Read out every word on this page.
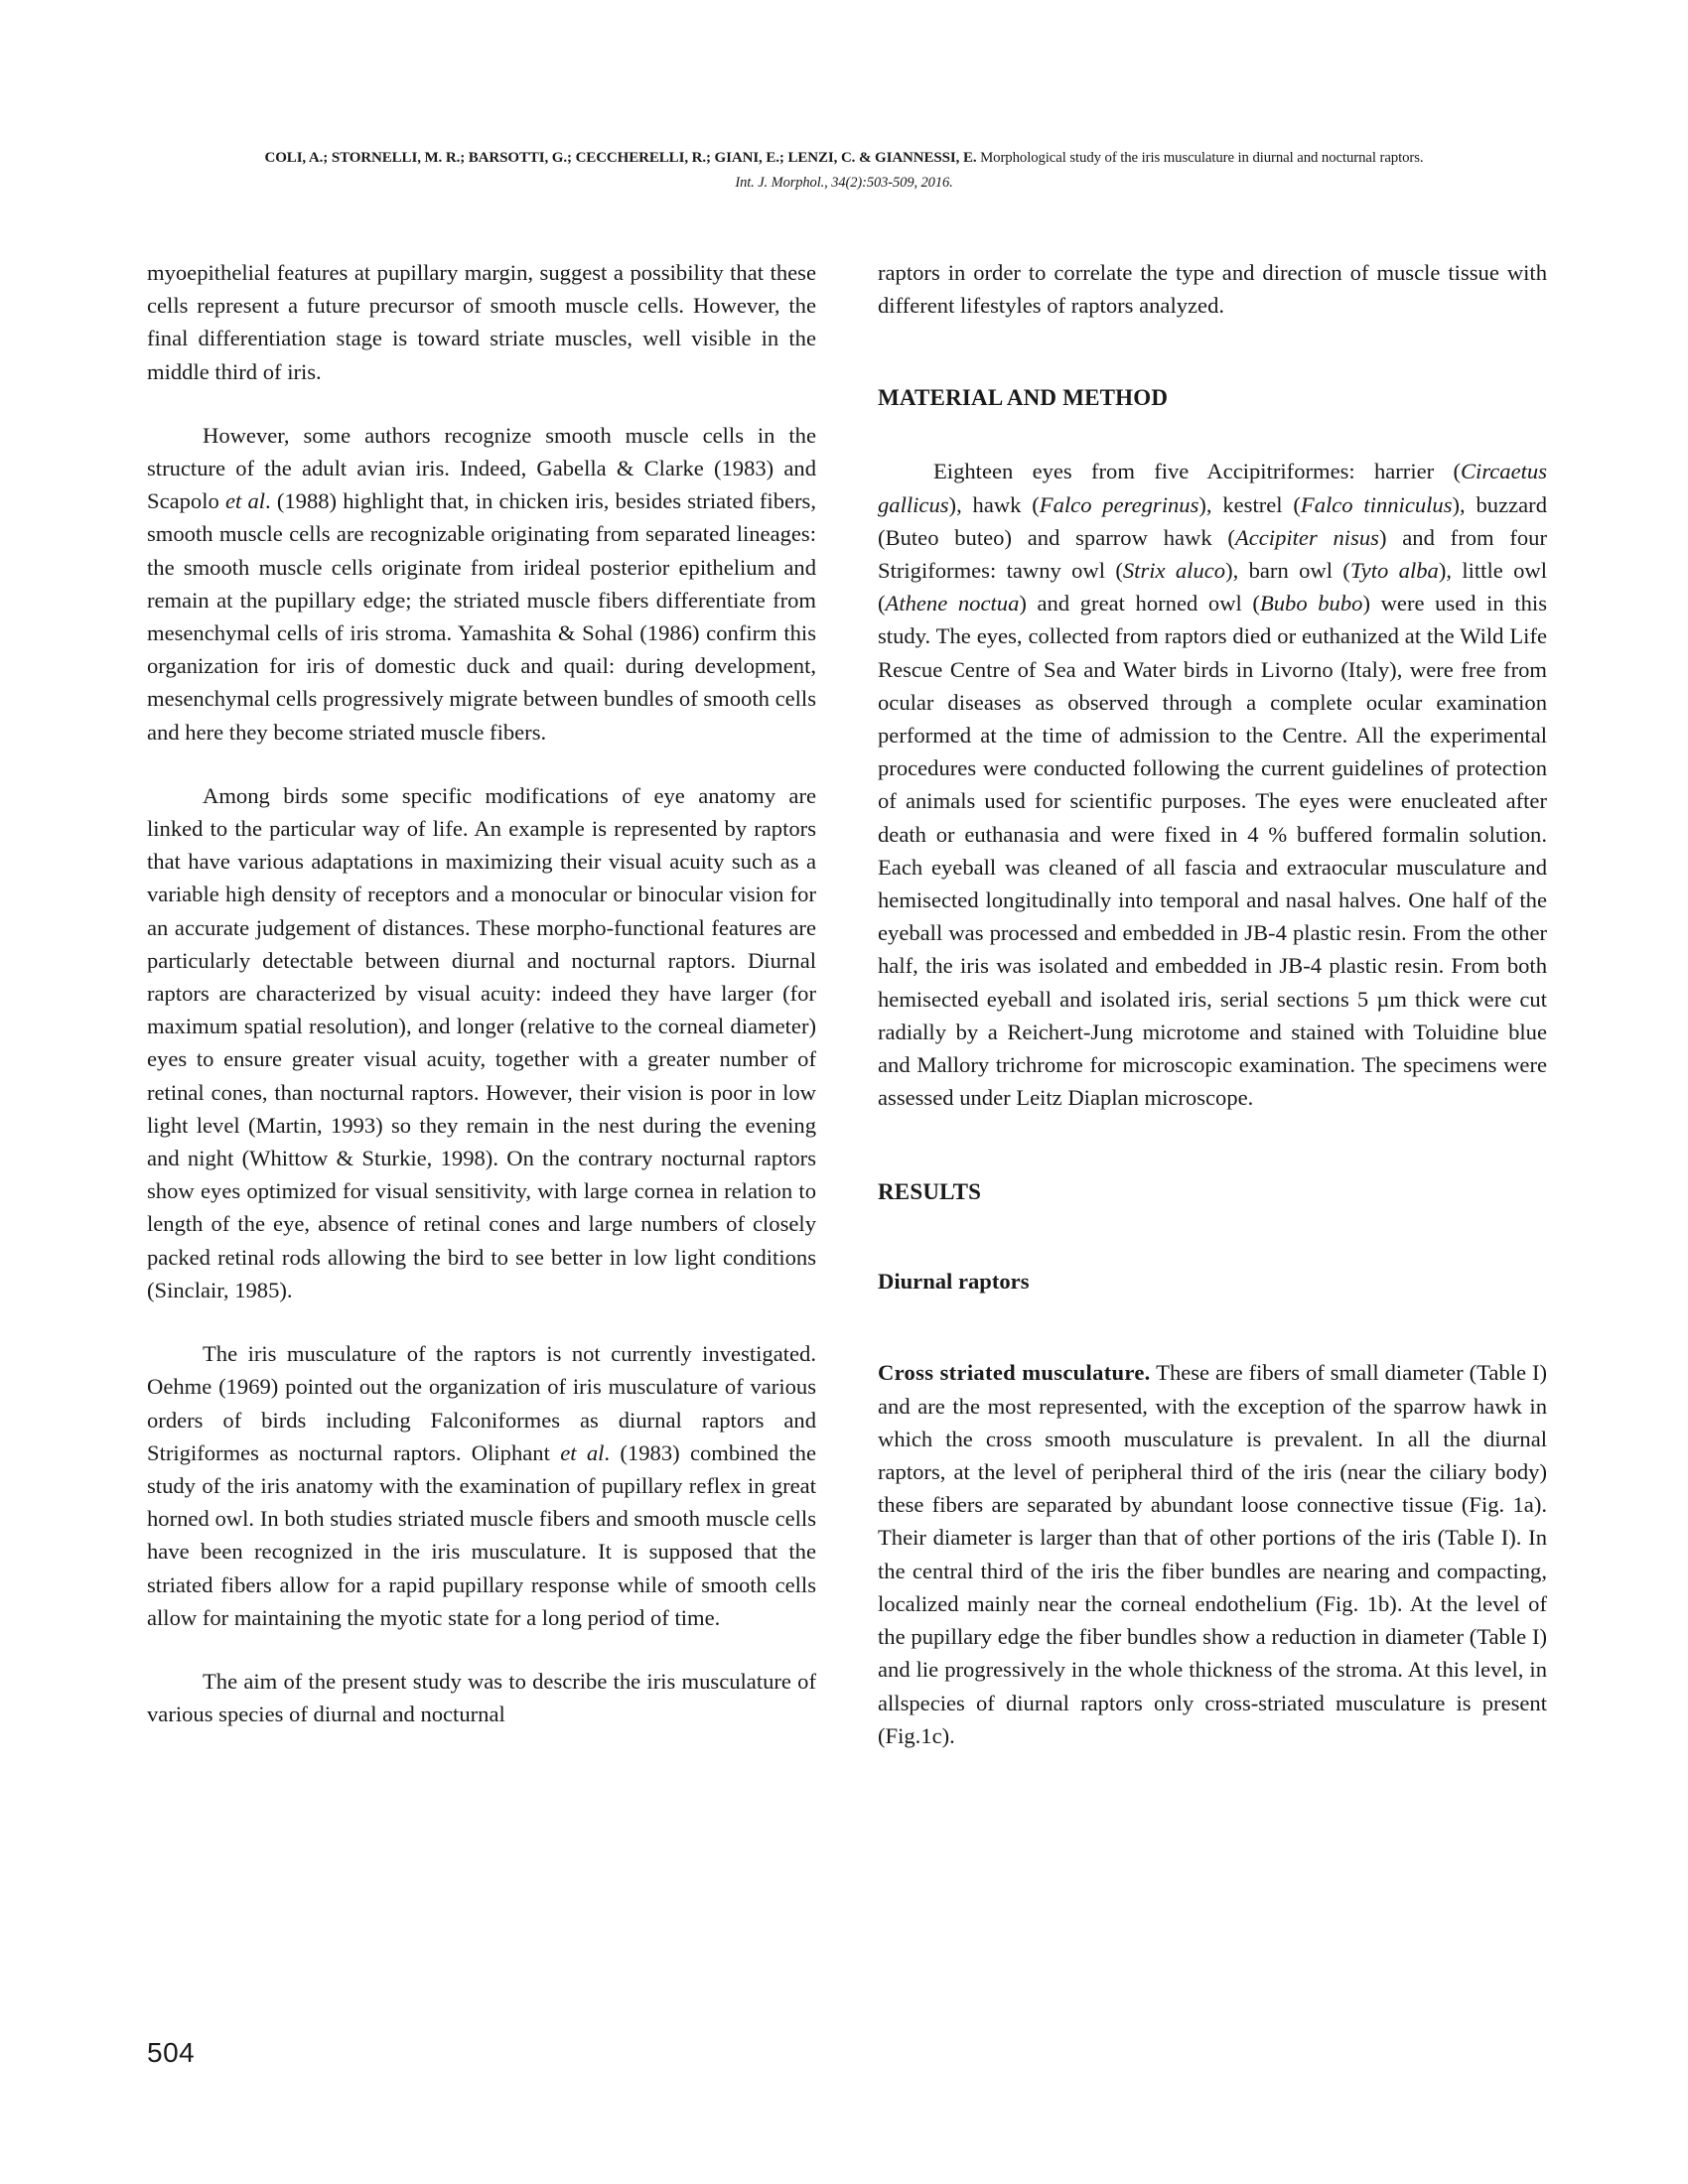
COLI, A.; STORNELLI, M. R.; BARSOTTI, G.; CECCHERELLI, R.; GIANI, E.; LENZI, C. & GIANNESSI, E. Morphological study of the iris musculature in diurnal and nocturnal raptors.
Int. J. Morphol., 34(2):503-509, 2016.

myoepithelial features at pupillary margin, suggest a possibility that these cells represent a future precursor of smooth muscle cells. However, the final differentiation stage is toward striate muscles, well visible in the middle third of iris.

However, some authors recognize smooth muscle cells in the structure of the adult avian iris. Indeed, Gabella & Clarke (1983) and Scapolo et al. (1988) highlight that, in chicken iris, besides striated fibers, smooth muscle cells are recognizable originating from separated lineages: the smooth muscle cells originate from irideal posterior epithelium and remain at the pupillary edge; the striated muscle fibers differentiate from mesenchymal cells of iris stroma. Yamashita & Sohal (1986) confirm this organization for iris of domestic duck and quail: during development, mesenchymal cells progressively migrate between bundles of smooth cells and here they become striated muscle fibers.

Among birds some specific modifications of eye anatomy are linked to the particular way of life. An example is represented by raptors that have various adaptations in maximizing their visual acuity such as a variable high density of receptors and a monocular or binocular vision for an accurate judgement of distances. These morpho-functional features are particularly detectable between diurnal and nocturnal raptors. Diurnal raptors are characterized by visual acuity: indeed they have larger (for maximum spatial resolution), and longer (relative to the corneal diameter) eyes to ensure greater visual acuity, together with a greater number of retinal cones, than nocturnal raptors. However, their vision is poor in low light level (Martin, 1993) so they remain in the nest during the evening and night (Whittow & Sturkie, 1998). On the contrary nocturnal raptors show eyes optimized for visual sensitivity, with large cornea in relation to length of the eye, absence of retinal cones and large numbers of closely packed retinal rods allowing the bird to see better in low light conditions (Sinclair, 1985).

The iris musculature of the raptors is not currently investigated. Oehme (1969) pointed out the organization of iris musculature of various orders of birds including Falconiformes as diurnal raptors and Strigiformes as nocturnal raptors. Oliphant et al. (1983) combined the study of the iris anatomy with the examination of pupillary reflex in great horned owl. In both studies striated muscle fibers and smooth muscle cells have been recognized in the iris musculature. It is supposed that the striated fibers allow for a rapid pupillary response while of smooth cells allow for maintaining the myotic state for a long period of time.

The aim of the present study was to describe the iris musculature of various species of diurnal and nocturnal

raptors in order to correlate the type and direction of muscle tissue with different lifestyles of raptors analyzed.

MATERIAL AND METHOD

Eighteen eyes from five Accipitriformes: harrier (Circaetus gallicus), hawk (Falco peregrinus), kestrel (Falco tinniculus), buzzard (Buteo buteo) and sparrow hawk (Accipiter nisus) and from four Strigiformes: tawny owl (Strix aluco), barn owl (Tyto alba), little owl (Athene noctua) and great horned owl (Bubo bubo) were used in this study. The eyes, collected from raptors died or euthanized at the Wild Life Rescue Centre of Sea and Water birds in Livorno (Italy), were free from ocular diseases as observed through a complete ocular examination performed at the time of admission to the Centre. All the experimental procedures were conducted following the current guidelines of protection of animals used for scientific purposes. The eyes were enucleated after death or euthanasia and were fixed in 4 % buffered formalin solution. Each eyeball was cleaned of all fascia and extraocular musculature and hemisected longitudinally into temporal and nasal halves. One half of the eyeball was processed and embedded in JB-4 plastic resin. From the other half, the iris was isolated and embedded in JB-4 plastic resin. From both hemisected eyeball and isolated iris, serial sections 5 µm thick were cut radially by a Reichert-Jung microtome and stained with Toluidine blue and Mallory trichrome for microscopic examination. The specimens were assessed under Leitz Diaplan microscope.

RESULTS
Diurnal raptors

Cross striated musculature. These are fibers of small diameter (Table I) and are the most represented, with the exception of the sparrow hawk in which the cross smooth musculature is prevalent. In all the diurnal raptors, at the level of peripheral third of the iris (near the ciliary body) these fibers are separated by abundant loose connective tissue (Fig. 1a). Their diameter is larger than that of other portions of the iris (Table I). In the central third of the iris the fiber bundles are nearing and compacting, localized mainly near the corneal endothelium (Fig. 1b). At the level of the pupillary edge the fiber bundles show a reduction in diameter (Table I) and lie progressively in the whole thickness of the stroma. At this level, in allspecies of diurnal raptors only cross-striated musculature is present (Fig.1c).

504
